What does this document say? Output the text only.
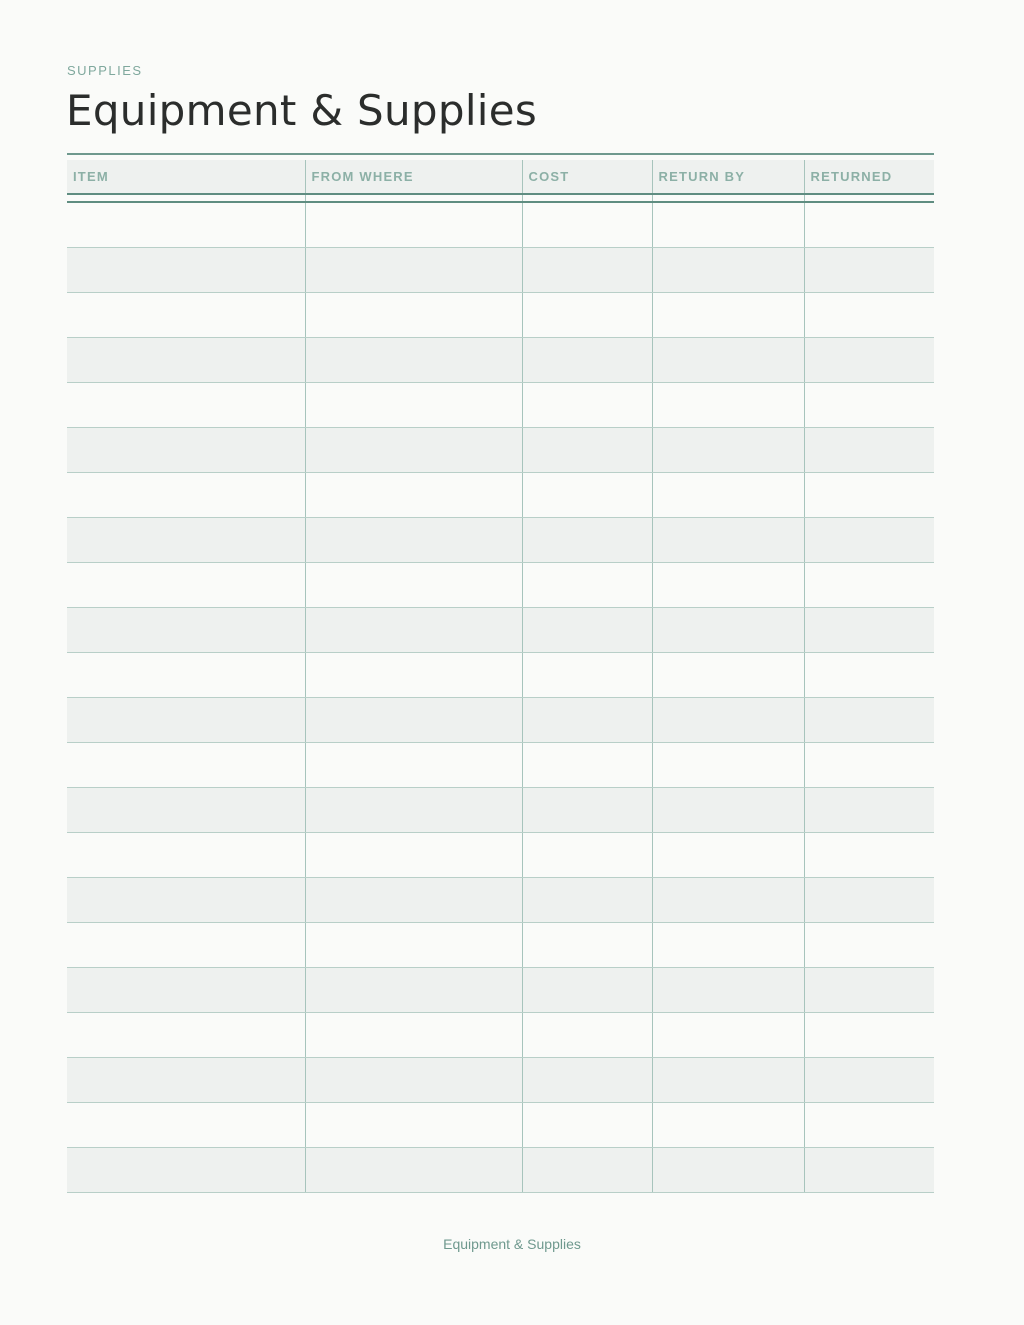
SUPPLIES
Equipment & Supplies
ITEM	FROM WHERE	COST	RETURN BY	RETURNED

Equipment & Supplies
